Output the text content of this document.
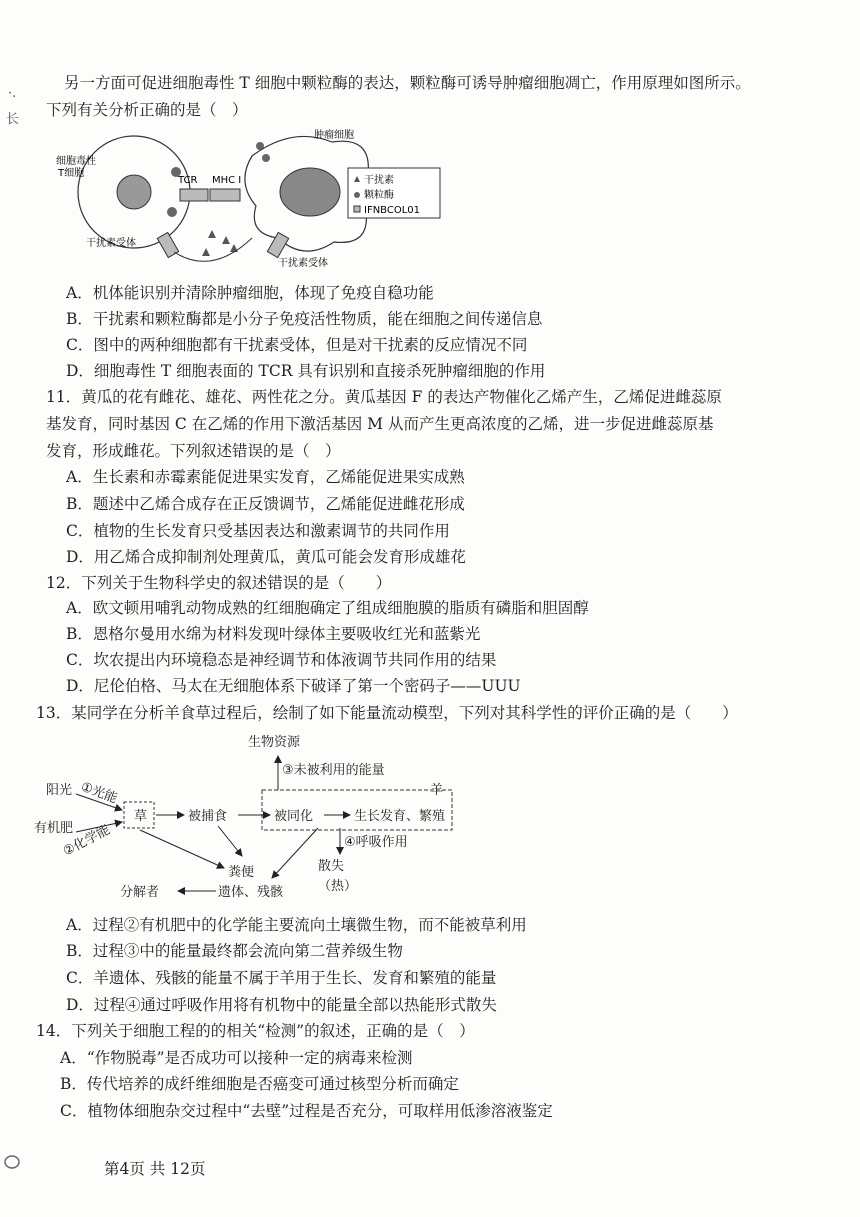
·.
长
另一方面可促进细胞毒性 T 细胞中颗粒酶的表达，颗粒酶可诱导肿瘤细胞凋亡，作用原理如图所示。
下列有关分析正确的是（　）
细胞毒性
T细胞
TCR MHC I
肿瘤细胞
干扰素受体
干扰素受体
干扰素
颗粒酶
IFNBCOL01
A．机体能识别并清除肿瘤细胞，体现了免疫自稳功能
B．干扰素和颗粒酶都是小分子免疫活性物质，能在细胞之间传递信息
C．图中的两种细胞都有干扰素受体，但是对干扰素的反应情况不同
D．细胞毒性 T 细胞表面的 TCR 具有识别和直接杀死肿瘤细胞的作用
11．黄瓜的花有雌花、雄花、两性花之分。黄瓜基因 F 的表达产物催化乙烯产生，乙烯促进雌蕊原
基发育，同时基因 C 在乙烯的作用下激活基因 M 从而产生更高浓度的乙烯，进一步促进雌蕊原基
发育，形成雌花。下列叙述错误的是（　）
A．生长素和赤霉素能促进果实发育，乙烯能促进果实成熟
B．题述中乙烯合成存在正反馈调节，乙烯能促进雌花形成
C．植物的生长发育只受基因表达和激素调节的共同作用
D．用乙烯合成抑制剂处理黄瓜，黄瓜可能会发育形成雄花
12．下列关于生物科学史的叙述错误的是（　　）
A．欧文顿用哺乳动物成熟的红细胞确定了组成细胞膜的脂质有磷脂和胆固醇
B．恩格尔曼用水绵为材料发现叶绿体主要吸收红光和蓝紫光
C．坎农提出内环境稳态是神经调节和体液调节共同作用的结果
D．尼伦伯格、马太在无细胞体系下破译了第一个密码子——UUU
13．某同学在分析羊食草过程后，绘制了如下能量流动模型，下列对其科学性的评价正确的是（　　）
生物资源
③未被利用的能量
阳光 ①光能
有机肥
②化学能
草	被捕食	被同化	生长发育、繁殖
羊
④呼吸作用
散失
（热）
粪便
遗体、残骸
分解者
A．过程②有机肥中的化学能主要流向土壤微生物，而不能被草利用
B．过程③中的能量最终都会流向第二营养级生物
C．羊遗体、残骸的能量不属于羊用于生长、发育和繁殖的能量
D．过程④通过呼吸作用将有机物中的能量全部以热能形式散失
14．下列关于细胞工程的的相关“检测”的叙述，正确的是（　）
A．“作物脱毒”是否成功可以接种一定的病毒来检测
B．传代培养的成纤维细胞是否癌变可通过核型分析而确定
C．植物体细胞杂交过程中“去壁”过程是否充分，可取样用低渗溶液鉴定
第4页 共 12页
